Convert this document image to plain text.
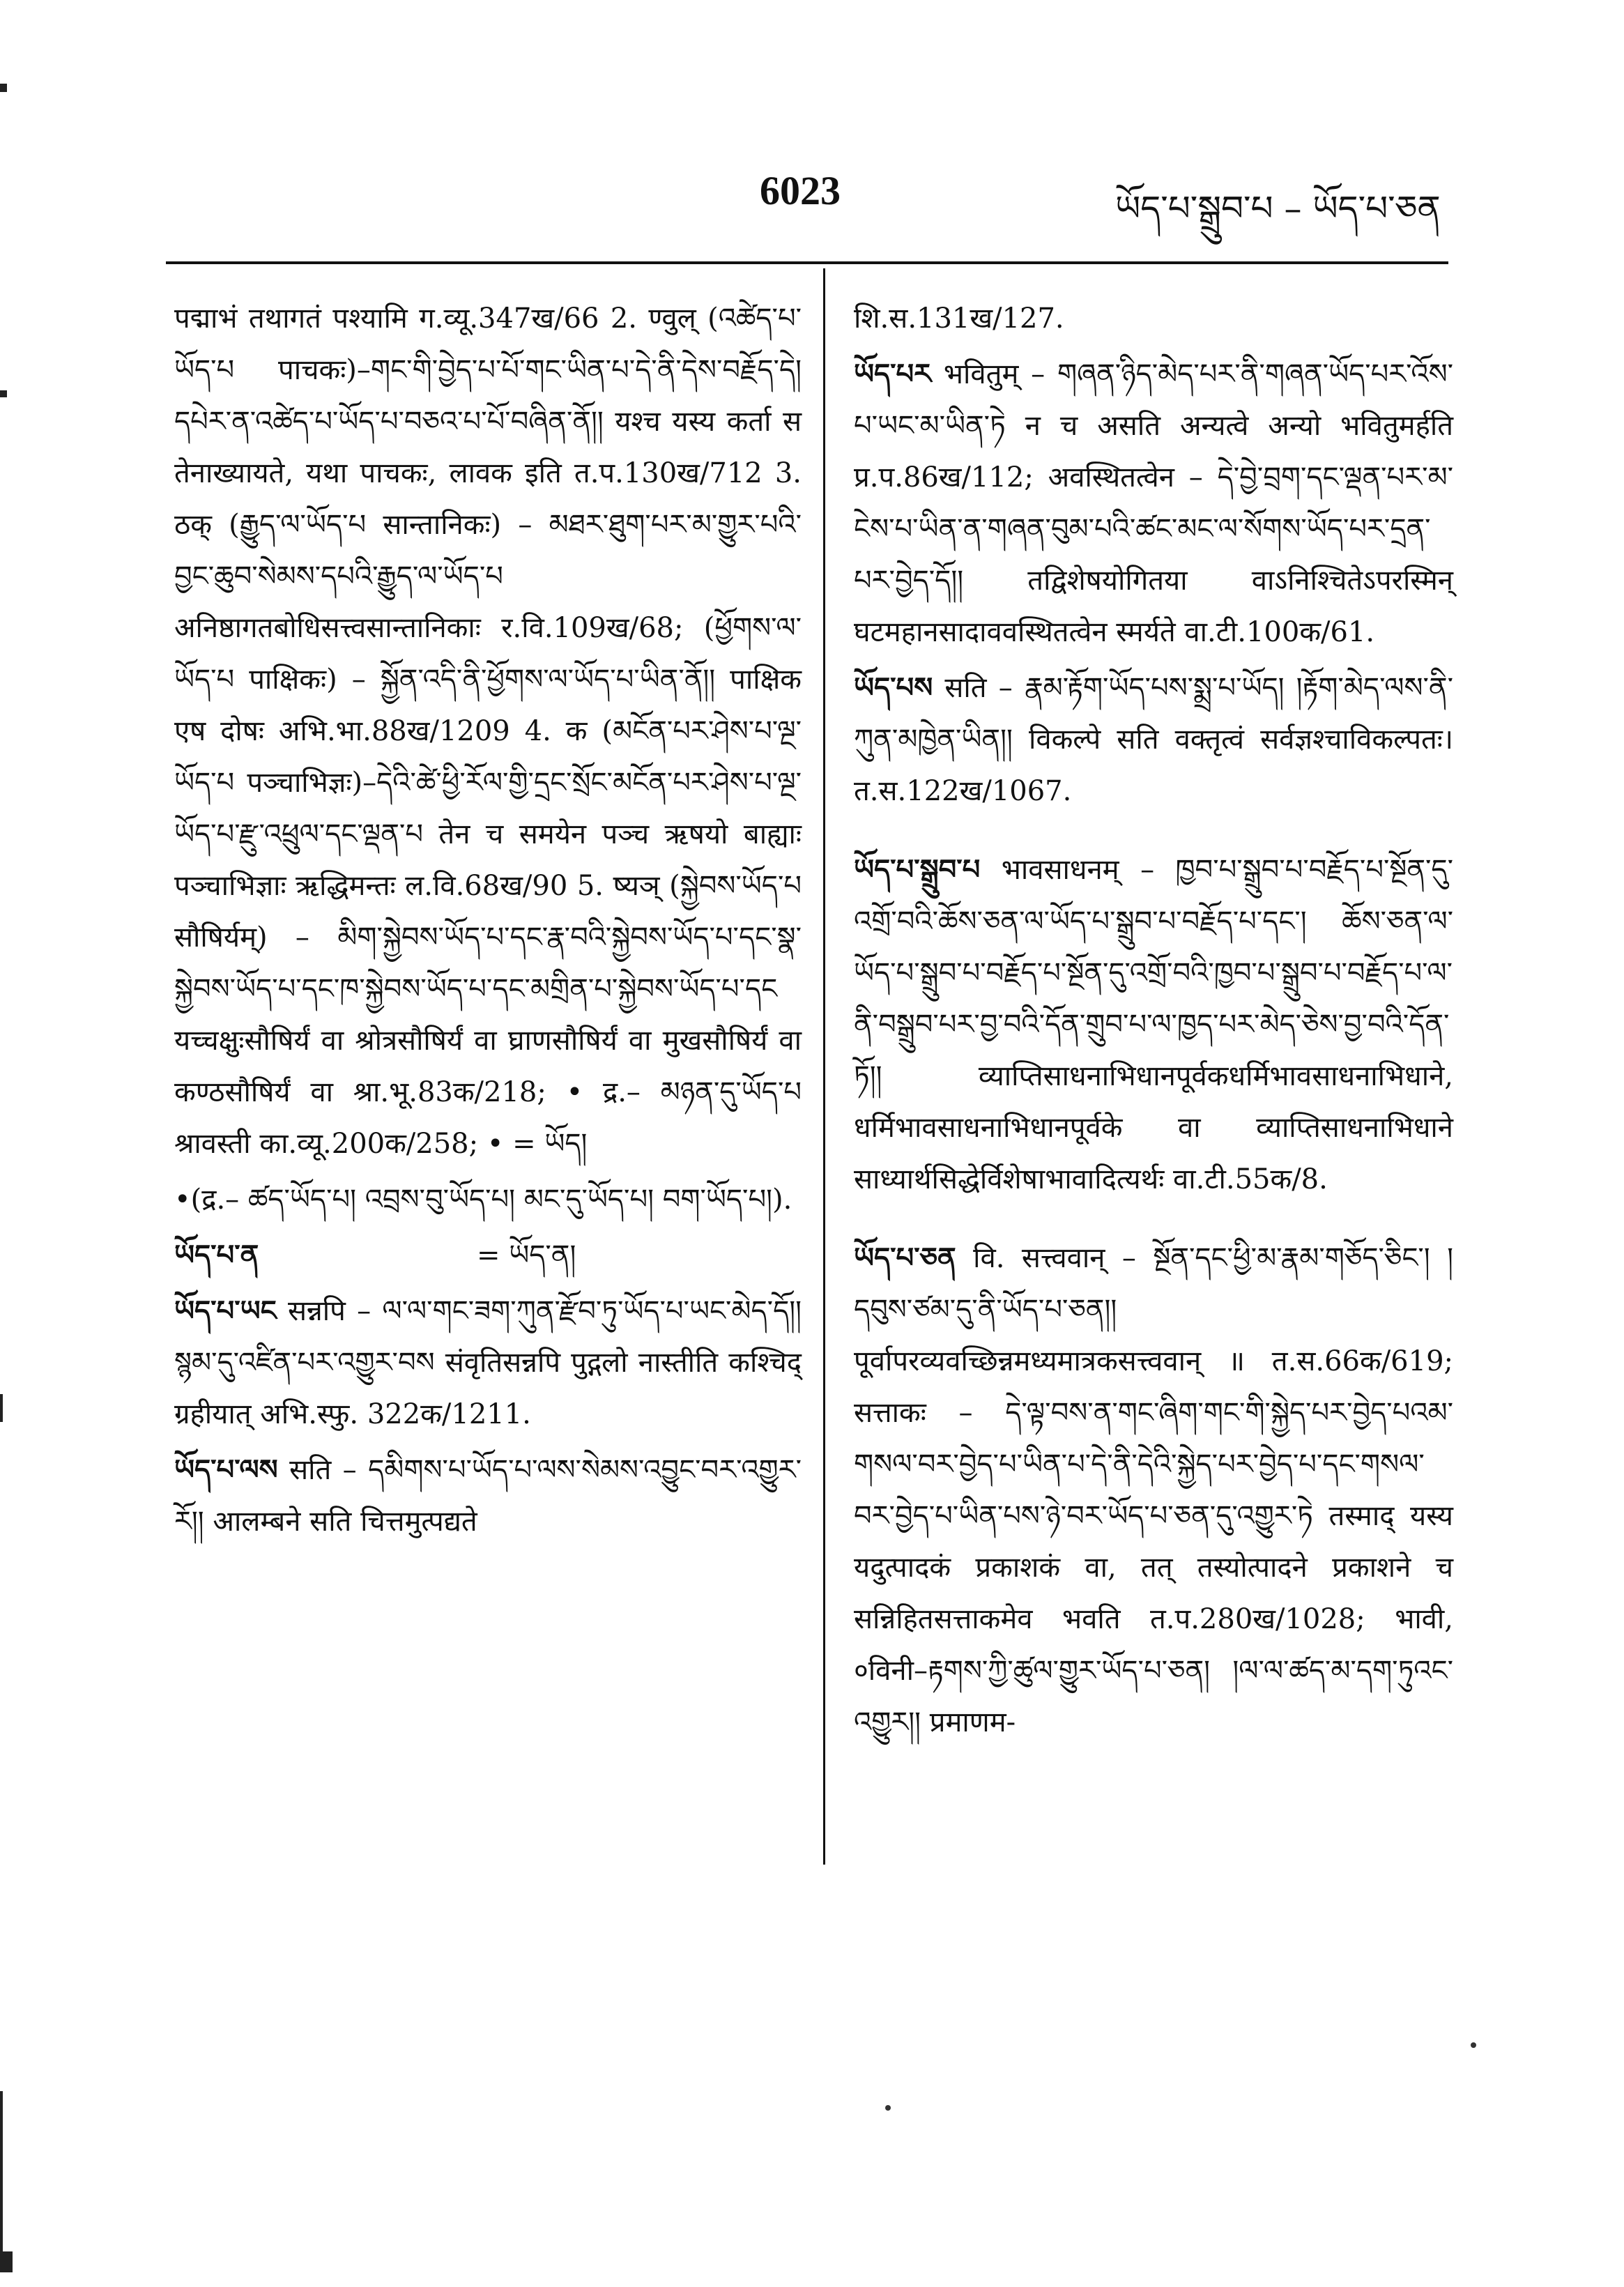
6023	ཡོད་པ་སྒྲུབ་པ – ཡོད་པ་ཅན

पद्माभं तथागतं पश्यामि ग.व्यू.347ख/66 2. ण्वुल् (འཚེད་པ་ཡོད་པ पाचकः)–གང་གི་བྱེད་པ་པོ་གང་ཡིན་པ་དེ་ནི་དེས་བརྗོད་དེ། དཔེར་ན་འཚེད་པ་ཡོད་པ་བཅའ་པ་པོ་བཞིན་ནོ།། यश्च यस्य कर्ता स तेनाख्यायते, यथा पाचकः, लावक इति त.प.130ख/712 3. ठक् (རྒྱུད་ལ་ཡོད་པ सान्तानिकः) – མཐར་ཐུག་པར་མ་གྱུར་པའི་བྱང་ཆུབ་སེམས་དཔའི་རྒྱུད་ལ་ཡོད་པ अनिष्ठागतबोधिसत्त्वसान्तानिकाः र.वि.109ख/68; (ཕྱོགས་ལ་ཡོད་པ पाक्षिकः) – སྐྱོན་འདི་ནི་ཕྱོགས་ལ་ཡོད་པ་ཡིན་ནོ།། पाक्षिक एष दोषः अभि.भा.88ख/1209 4. क (མངོན་པར་ཤེས་པ་ལྔ་ཡོད་པ पञ्चाभिज्ञः)–དེའི་ཚེ་ཕྱི་རོལ་གྱི་དྲང་སྲོང་མངོན་པར་ཤེས་པ་ལྔ་ཡོད་པ་རྫུ་འཕྲུལ་དང་ལྡན་པ तेन च समयेन पञ्च ऋषयो बाह्याः पञ्चाभिज्ञाः ऋद्धिमन्तः ल.वि.68ख/90 5. ष्यञ् (སྐྱེབས་ཡོད་པ सौषिर्यम्) – མིག་སྐྱེབས་ཡོད་པ་དང་རྣ་བའི་སྐྱེབས་ཡོད་པ་དང་སྣ་སྐྱེབས་ཡོད་པ་དང་ཁ་སྐྱེབས་ཡོད་པ་དང་མགྲིན་པ་སྐྱེབས་ཡོད་པ་དང यच्चक्षुःसौषिर्यं वा श्रोत्रसौषिर्यं वा घ्राणसौषिर्यं वा मुखसौषिर्यं वा कण्ठसौषिर्यं वा श्रा.भू.83क/218; • द्र.– མཉན་དུ་ཡོད་པ श्रावस्ती का.व्यू.200क/258; • = ཡོད།

•(द्र.– ཚད་ཡོད་པ། འབྲས་བུ་ཡོད་པ། མང་དུ་ཡོད་པ། བག་ཡོད་པ།).

ཡོད་པ་ན	= ཡོད་ན།

ཡོད་པ་ཡང सन्नपि – ལ་ལ་གང་ཟག་ཀུན་རྫོབ་ཏུ་ཡོད་པ་ཡང་མེད་དོ།། སྙམ་དུ་འཛིན་པར་འགྱུར་བས संवृतिसन्नपि पुद्गलो नास्तीति कश्चिद् ग्रहीयात् अभि.स्फु. 322क/1211.

ཡོད་པ་ལས सति – དམིགས་པ་ཡོད་པ་ལས་སེམས་འབྱུང་བར་འགྱུར་རོ།། आलम्बने सति चित्तमुत्पद्यते

शि.स.131ख/127.

ཡོད་པར भवितुम् – གཞན་ཉིད་མེད་པར་ནི་གཞན་ཡོད་པར་འོས་པ་ཡང་མ་ཡིན་ཏེ न च असति अन्यत्वे अन्यो भवितुमर्हति प्र.प.86ख/112; अवस्थितत्वेन – དེ་བྱེ་བྲག་དང་ལྡན་པར་མ་ངེས་པ་ཡིན་ན་གཞན་བུམ་པའི་ཚང་མང་ལ་སོགས་ཡོད་པར་དྲན་པར་བྱེད་དོ།། तद्विशेषयोगितया वाऽनिश्चितेऽपरस्मिन् घटमहानसादाववस्थितत्वेन स्मर्यते वा.टी.100क/61.

ཡོད་པས सति – རྣམ་རྟོག་ཡོད་པས་སྨྲ་པ་ཡོད། །རྟོག་མེད་ལས་ནི་ཀུན་མཁྱེན་ཡིན།། विकल्पे सति वक्तृत्वं सर्वज्ञश्चाविकल्पतः। त.स.122ख/1067.

ཡོད་པ་སྒྲུབ་པ भावसाधनम् – ཁྱབ་པ་སྒྲུབ་པ་བརྗོད་པ་སྔོན་དུ་འགྲོ་བའི་ཆོས་ཅན་ལ་ཡོད་པ་སྒྲུབ་པ་བརྗོད་པ་དང་། ཆོས་ཅན་ལ་ཡོད་པ་སྒྲུབ་པ་བརྗོད་པ་སྔོན་དུ་འགྲོ་བའི་ཁྱབ་པ་སྒྲུབ་པ་བརྗོད་པ་ལ་ནི་བསྒྲུབ་པར་བྱ་བའི་དོན་གྲུབ་པ་ལ་ཁྱད་པར་མེད་ཅེས་བྱ་བའི་དོན་ཏོ།། व्याप्तिसाधनाभिधानपूर्वकधर्मिभावसाधनाभिधाने, धर्मिभावसाधनाभिधानपूर्वके वा व्याप्तिसाधनाभिधाने साध्यार्थसिद्धेर्विशेषाभावादित्यर्थः वा.टी.55क/8.

ཡོད་པ་ཅན वि. सत्त्ववान् – སྔོན་དང་ཕྱི་མ་རྣམ་གཅོད་ཅིང་། །དབུས་ཙམ་དུ་ནི་ཡོད་པ་ཅན།། पूर्वापरव्यवच्छिन्नमध्यमात्रकसत्त्ववान् ॥ त.स.66क/619; सत्ताकः – དེ་ལྟ་བས་ན་གང་ཞིག་གང་གི་སྐྱེད་པར་བྱེད་པའམ་གསལ་བར་བྱེད་པ་ཡིན་པ་དེ་ནི་དེའི་སྐྱེད་པར་བྱེད་པ་དང་གསལ་བར་བྱེད་པ་ཡིན་པས་ཉེ་བར་ཡོད་པ་ཅན་དུ་འགྱུར་ཏེ तस्माद् यस्य यदुत्पादकं प्रकाशकं वा, तत् तस्योत्पादने प्रकाशने च सन्निहितसत्ताकमेव भवति त.प.280ख/1028; भावी, ०विनी–རྟགས་ཀྱི་ཚུལ་གྱུར་ཡོད་པ་ཅན། །ལ་ལ་ཚད་མ་དག་ཏུའང་འགྱུར།། प्रमाणम-
